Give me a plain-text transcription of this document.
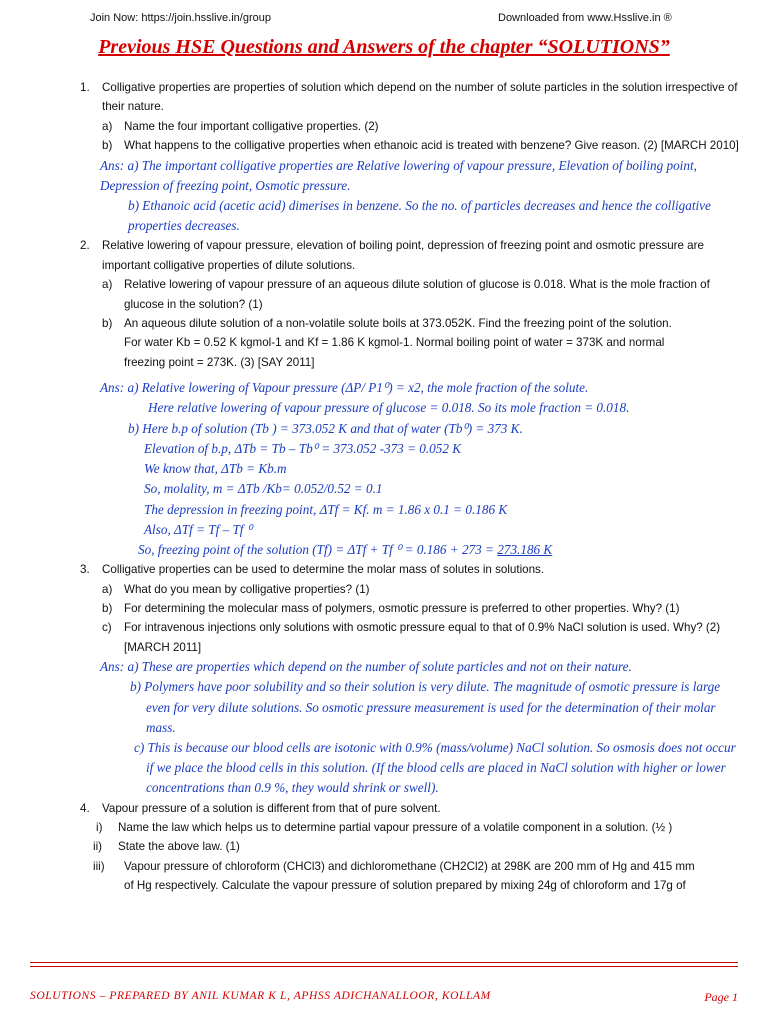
Join Now: https://join.hsslive.in/group	Downloaded from www.Hsslive.in ®
Previous HSE Questions and Answers of the chapter “SOLUTIONS”
1. Colligative properties are properties of solution which depend on the number of solute particles in the solution irrespective of their nature.
a) Name the four important colligative properties. (2)
b) What happens to the colligative properties when ethanoic acid is treated with benzene? Give reason. (2) [MARCH 2010]
Ans: a) The important colligative properties are Relative lowering of vapour pressure, Elevation of boiling point, Depression of freezing point, Osmotic pressure.
b) Ethanoic acid (acetic acid) dimerises in benzene. So the no. of particles decreases and hence the colligative properties decreases.
2. Relative lowering of vapour pressure, elevation of boiling point, depression of freezing point and osmotic pressure are important colligative properties of dilute solutions.
a) Relative lowering of vapour pressure of an aqueous dilute solution of glucose is 0.018. What is the mole fraction of glucose in the solution? (1)
b) An aqueous dilute solution of a non-volatile solute boils at 373.052K. Find the freezing point of the solution.
For water Kb = 0.52 K kgmol-1 and Kf = 1.86 K kgmol-1. Normal boiling point of water = 373K and normal
freezing point = 273K. (3) [SAY 2011]
Ans: a) Relative lowering of Vapour pressure (ΔP/ P1⁰) = x2, the mole fraction of the solute.
Here relative lowering of vapour pressure of glucose = 0.018. So its mole fraction = 0.018.
b) Here b.p of solution (Tb ) = 373.052 K and that of water (Tb⁰) = 373 K.
Elevation of b.p, ΔTb = Tb – Tb⁰ = 373.052 -373 = 0.052 K
We know that, ΔTb = Kb.m
So, molality, m = ΔTb /Kb= 0.052/0.52 = 0.1
The depression in freezing point, ΔTf = Kf. m = 1.86 x 0.1 = 0.186 K
Also, ΔTf = Tf – Tf ⁰
So, freezing point of the solution (Tf) = ΔTf + Tf ⁰ = 0.186 + 273 = 273.186 K
3. Colligative properties can be used to determine the molar mass of solutes in solutions.
a) What do you mean by colligative properties? (1)
b) For determining the molecular mass of polymers, osmotic pressure is preferred to other properties. Why? (1)
c) For intravenous injections only solutions with osmotic pressure equal to that of 0.9% NaCl solution is used. Why? (2) [MARCH 2011]
Ans: a) These are properties which depend on the number of solute particles and not on their nature.
b) Polymers have poor solubility and so their solution is very dilute. The magnitude of osmotic pressure is large even for very dilute solutions. So osmotic pressure measurement is used for the determination of their molar mass.
c) This is because our blood cells are isotonic with 0.9% (mass/volume) NaCl solution. So osmosis does not occur if we place the blood cells in this solution. (If the blood cells are placed in NaCl solution with higher or lower concentrations than 0.9 %, they would shrink or swell).
4. Vapour pressure of a solution is different from that of pure solvent.
i) Name the law which helps us to determine partial vapour pressure of a volatile component in a solution. (½ )
ii) State the above law. (1)
iii) Vapour pressure of chloroform (CHCl3) and dichloromethane (CH2Cl2) at 298K are 200 mm of Hg and 415 mm
of Hg respectively. Calculate the vapour pressure of solution prepared by mixing 24g of chloroform and 17g of
SOLUTIONS – PREPARED BY ANIL KUMAR K L, APHSS ADICHANALLOOR, KOLLAM	Page 1
